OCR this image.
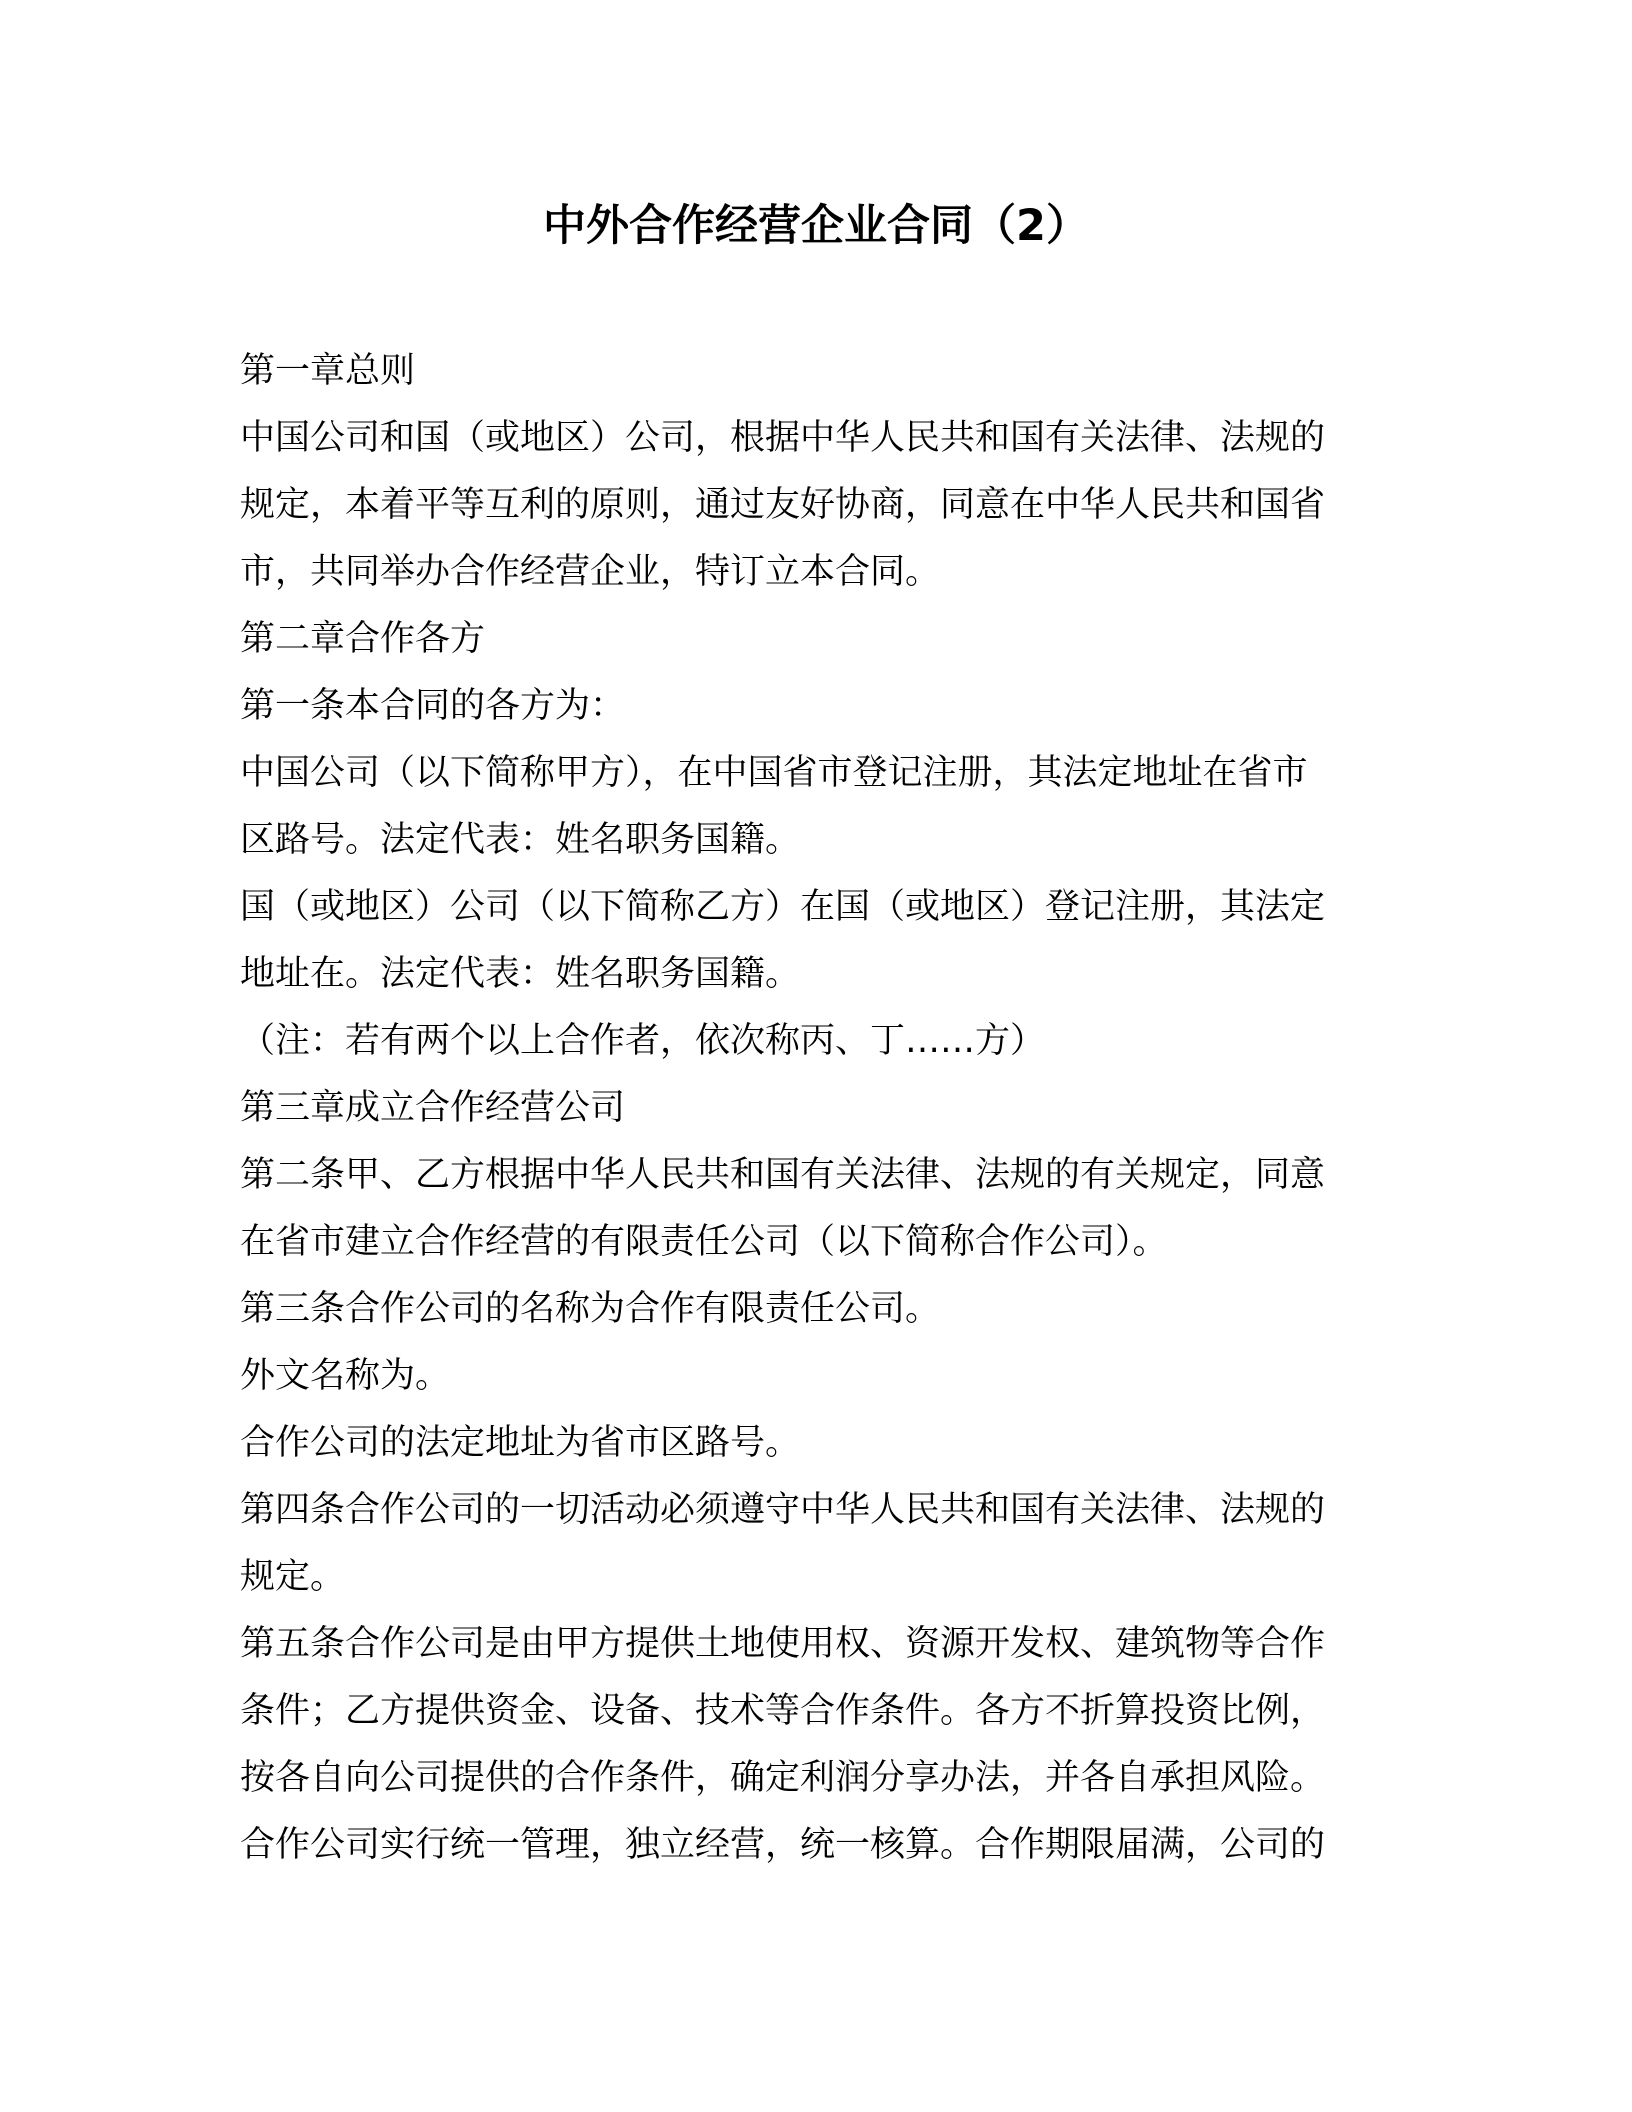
中外合作经营企业合同（2）
第一章总则
中国公司和国（或地区）公司，根据中华人民共和国有关法律、法规的
规定，本着平等互利的原则，通过友好协商，同意在中华人民共和国省
市，共同举办合作经营企业，特订立本合同。
第二章合作各方
第一条本合同的各方为：
中国公司（以下简称甲方），在中国省市登记注册，其法定地址在省市
区路号。法定代表：姓名职务国籍。
国（或地区）公司（以下简称乙方）在国（或地区）登记注册，其法定
地址在。法定代表：姓名职务国籍。
（注：若有两个以上合作者，依次称丙、丁……方）
第三章成立合作经营公司
第二条甲、乙方根据中华人民共和国有关法律、法规的有关规定，同意
在省市建立合作经营的有限责任公司（以下简称合作公司）。
第三条合作公司的名称为合作有限责任公司。
外文名称为。
合作公司的法定地址为省市区路号。
第四条合作公司的一切活动必须遵守中华人民共和国有关法律、法规的
规定。
第五条合作公司是由甲方提供土地使用权、资源开发权、建筑物等合作
条件；乙方提供资金、设备、技术等合作条件。各方不折算投资比例，
按各自向公司提供的合作条件，确定利润分享办法，并各自承担风险。
合作公司实行统一管理，独立经营，统一核算。合作期限届满，公司的
